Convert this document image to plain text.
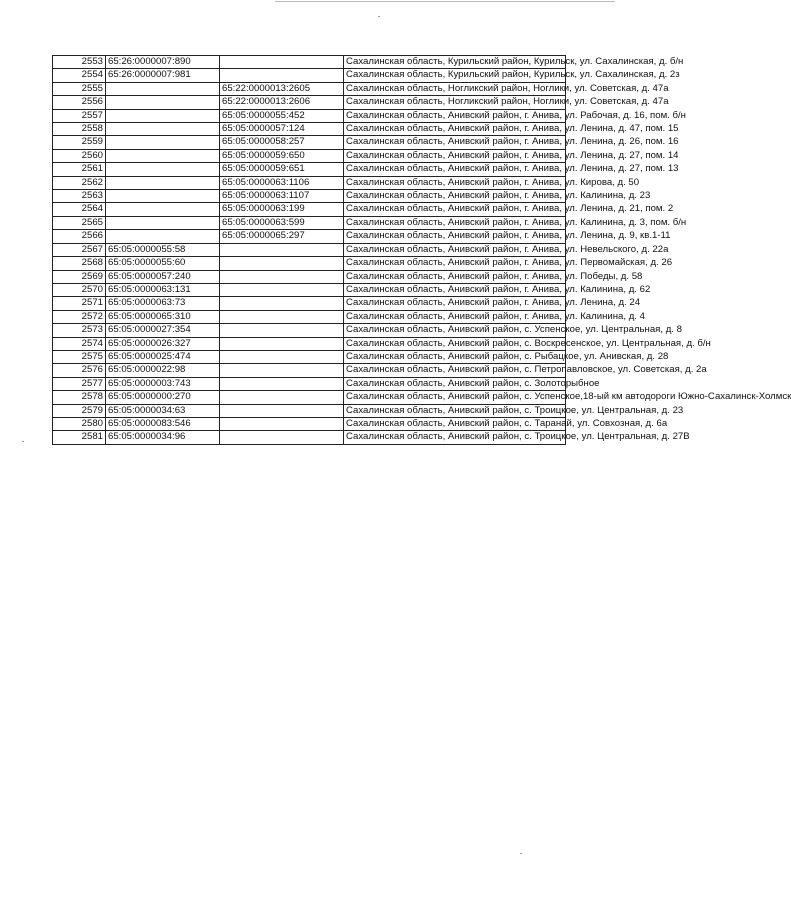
2553	65:26:0000007:890		Сахалинская область, Курильский район, Курильск, ул. Сахалинская, д. б/н
2554	65:26:0000007:981		Сахалинская область, Курильский район, Курильск, ул. Сахалинская, д. 2з
2555		65:22:0000013:2605	Сахалинская область, Ногликский район, Ноглики, ул. Советская, д. 47а
2556		65:22:0000013:2606	Сахалинская область, Ногликский район, Ноглики, ул. Советская, д. 47а
2557		65:05:0000055:452	Сахалинская область, Анивский район, г. Анива, ул. Рабочая, д. 16, пом. б/н
2558		65:05:0000057:124	Сахалинская область, Анивский район, г. Анива, ул. Ленина, д. 47, пом. 15
2559		65:05:0000058:257	Сахалинская область, Анивский район, г. Анива, ул. Ленина, д. 26, пом. 16
2560		65:05:0000059:650	Сахалинская область, Анивский район, г. Анива, ул. Ленина, д. 27, пом. 14
2561		65:05:0000059:651	Сахалинская область, Анивский район, г. Анива, ул. Ленина, д. 27, пом. 13
2562		65:05:0000063:1106	Сахалинская область, Анивский район, г. Анива, ул. Кирова, д. 50
2563		65:05:0000063:1107	Сахалинская область, Анивский район, г. Анива, ул. Калинина, д. 23
2564		65:05:0000063:199	Сахалинская область, Анивский район, г. Анива, ул. Ленина, д. 21, пом. 2
2565		65:05:0000063:599	Сахалинская область, Анивский район, г. Анива, ул. Калинина, д. 3, пом. б/н
2566		65:05:0000065:297	Сахалинская область, Анивский район, г. Анива, ул. Ленина, д. 9, кв.1-11
2567	65:05:0000055:58		Сахалинская область, Анивский район, г. Анива, ул. Невельского, д. 22а
2568	65:05:0000055:60		Сахалинская область, Анивский район, г. Анива, ул. Первомайская, д. 26
2569	65:05:0000057:240		Сахалинская область, Анивский район, г. Анива, ул. Победы, д. 58
2570	65:05:0000063:131		Сахалинская область, Анивский район, г. Анива, ул. Калинина, д. 62
2571	65:05:0000063:73		Сахалинская область, Анивский район, г. Анива, ул. Ленина, д. 24
2572	65:05:0000065:310		Сахалинская область, Анивский район, г. Анива, ул. Калинина, д. 4
2573	65:05:0000027:354		Сахалинская область, Анивский район, с. Успенское, ул. Центральная, д. 8
2574	65:05:0000026:327		Сахалинская область, Анивский район, с. Воскресенское, ул. Центральная, д. б/н
2575	65:05:0000025:474		Сахалинская область, Анивский район, с. Рыбацкое, ул. Анивская, д. 28
2576	65:05:0000022:98		Сахалинская область, Анивский район, с. Петропавловское, ул. Советская, д. 2а
2577	65:05:0000003:743		Сахалинская область, Анивский район, с. Золоторыбное
2578	65:05:0000000:270		Сахалинская область, Анивский район, с. Успенское,18-ый км автодороги Южно-Сахалинск-Холмск
2579	65:05:0000034:63		Сахалинская область, Анивский район, с. Троицкое, ул. Центральная, д. 23
2580	65:05:0000083:546		Сахалинская область, Анивский район, с. Таранай, ул. Совхозная, д. 6а
2581	65:05:0000034:96		Сахалинская область, Анивский район, с. Троицкое, ул. Центральная, д. 27В
